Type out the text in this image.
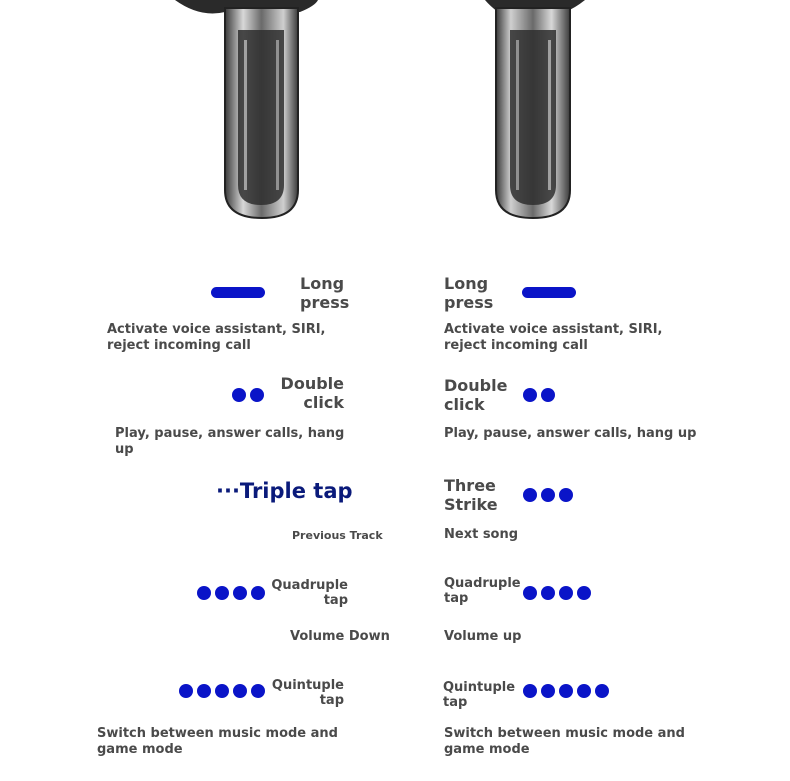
Long
press
Activate voice assistant, SIRI, reject incoming call
Double
click
Play, pause, answer calls, hang up
···Triple tap
Previous Track
Quadruple
tap
Volume Down
Quintuple
tap
Switch between music mode and game mode
Long
press
Activate voice assistant, SIRI, reject incoming call
Double
click
Play, pause, answer calls, hang up
Three
Strike
Next song
Quadruple
tap
Volume up
Quintuple
tap
Switch between music mode and game mode
